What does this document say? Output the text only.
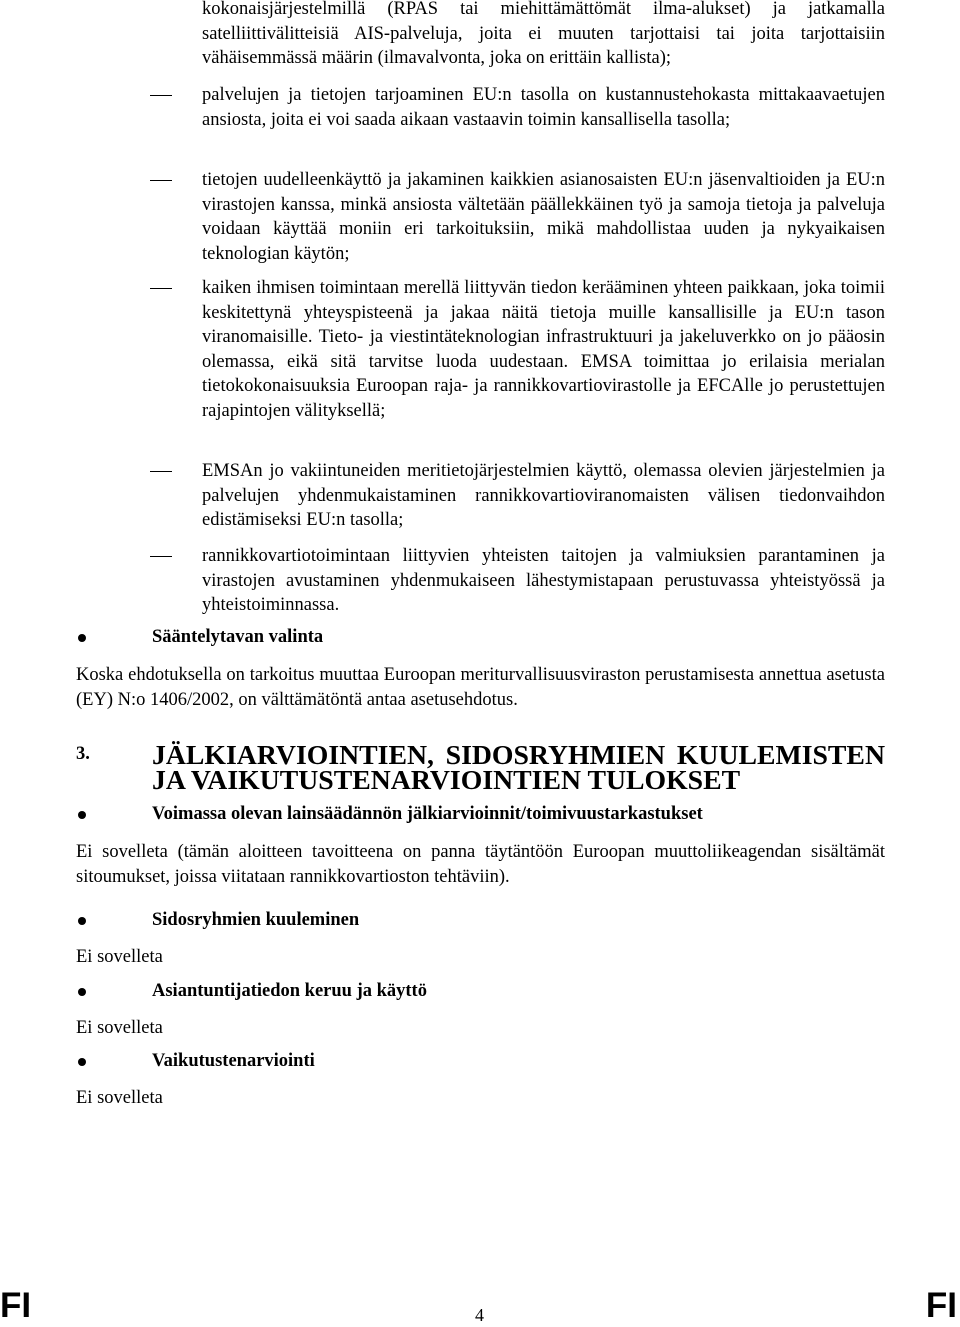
kokonaisjärjestelmillä (RPAS tai miehittämättömät ilma-alukset) ja jatkamalla satelliittivälitteisiä AIS-palveluja, joita ei muuten tarjottaisi tai joita tarjottaisiin vähäisemmässä määrin (ilmavalvonta, joka on erittäin kallista);

palvelujen ja tietojen tarjoaminen EU:n tasolla on kustannustehokasta mittakaavaetujen ansiosta, joita ei voi saada aikaan vastaavin toimin kansallisella tasolla;

tietojen uudelleenkäyttö ja jakaminen kaikkien asianosaisten EU:n jäsenvaltioiden ja EU:n virastojen kanssa, minkä ansiosta vältetään päällekkäinen työ ja samoja tietoja ja palveluja voidaan käyttää moniin eri tarkoituksiin, mikä mahdollistaa uuden ja nykyaikaisen teknologian käytön;

kaiken ihmisen toimintaan merellä liittyvän tiedon kerääminen yhteen paikkaan, joka toimii keskitettynä yhteyspisteenä ja jakaa näitä tietoja muille kansallisille ja EU:n tason viranomaisille. Tieto- ja viestintäteknologian infrastruktuuri ja jakeluverkko on jo pääosin olemassa, eikä sitä tarvitse luoda uudestaan. EMSA toimittaa jo erilaisia merialan tietokokonaisuuksia Euroopan raja- ja rannikkovartiovirastolle ja EFCAlle jo perustettujen rajapintojen välityksellä;

EMSAn jo vakiintuneiden meritietojärjestelmien käyttö, olemassa olevien järjestelmien ja palvelujen yhdenmukaistaminen rannikkovartioviranomaisten välisen tiedonvaihdon edistämiseksi EU:n tasolla;

rannikkovartiotoimintaan liittyvien yhteisten taitojen ja valmiuksien parantaminen ja virastojen avustaminen yhdenmukaiseen lähestymistapaan perustuvassa yhteistyössä ja yhteistoiminnassa.

Sääntelytavan valinta

Koska ehdotuksella on tarkoitus muuttaa Euroopan meriturvallisuusviraston perustamisesta annettua asetusta (EY) N:o 1406/2002, on välttämätöntä antaa asetusehdotus.

3. JÄLKIARVIOINTIEN, SIDOSRYHMIEN KUULEMISTEN JA VAIKUTUSTENARVIOINTIEN TULOKSET
Voimassa olevan lainsäädännön jälkiarvioinnit/toimivuustarkastukset

Ei sovelleta (tämän aloitteen tavoitteena on panna täytäntöön Euroopan muuttoliikeagendan sisältämät sitoumukset, joissa viitataan rannikkovartioston tehtäviin).

Sidosryhmien kuuleminen

Ei sovelleta

Asiantuntijatiedon keruu ja käyttö

Ei sovelleta

Vaikutustenarviointi

Ei sovelleta

FI	4	FI
